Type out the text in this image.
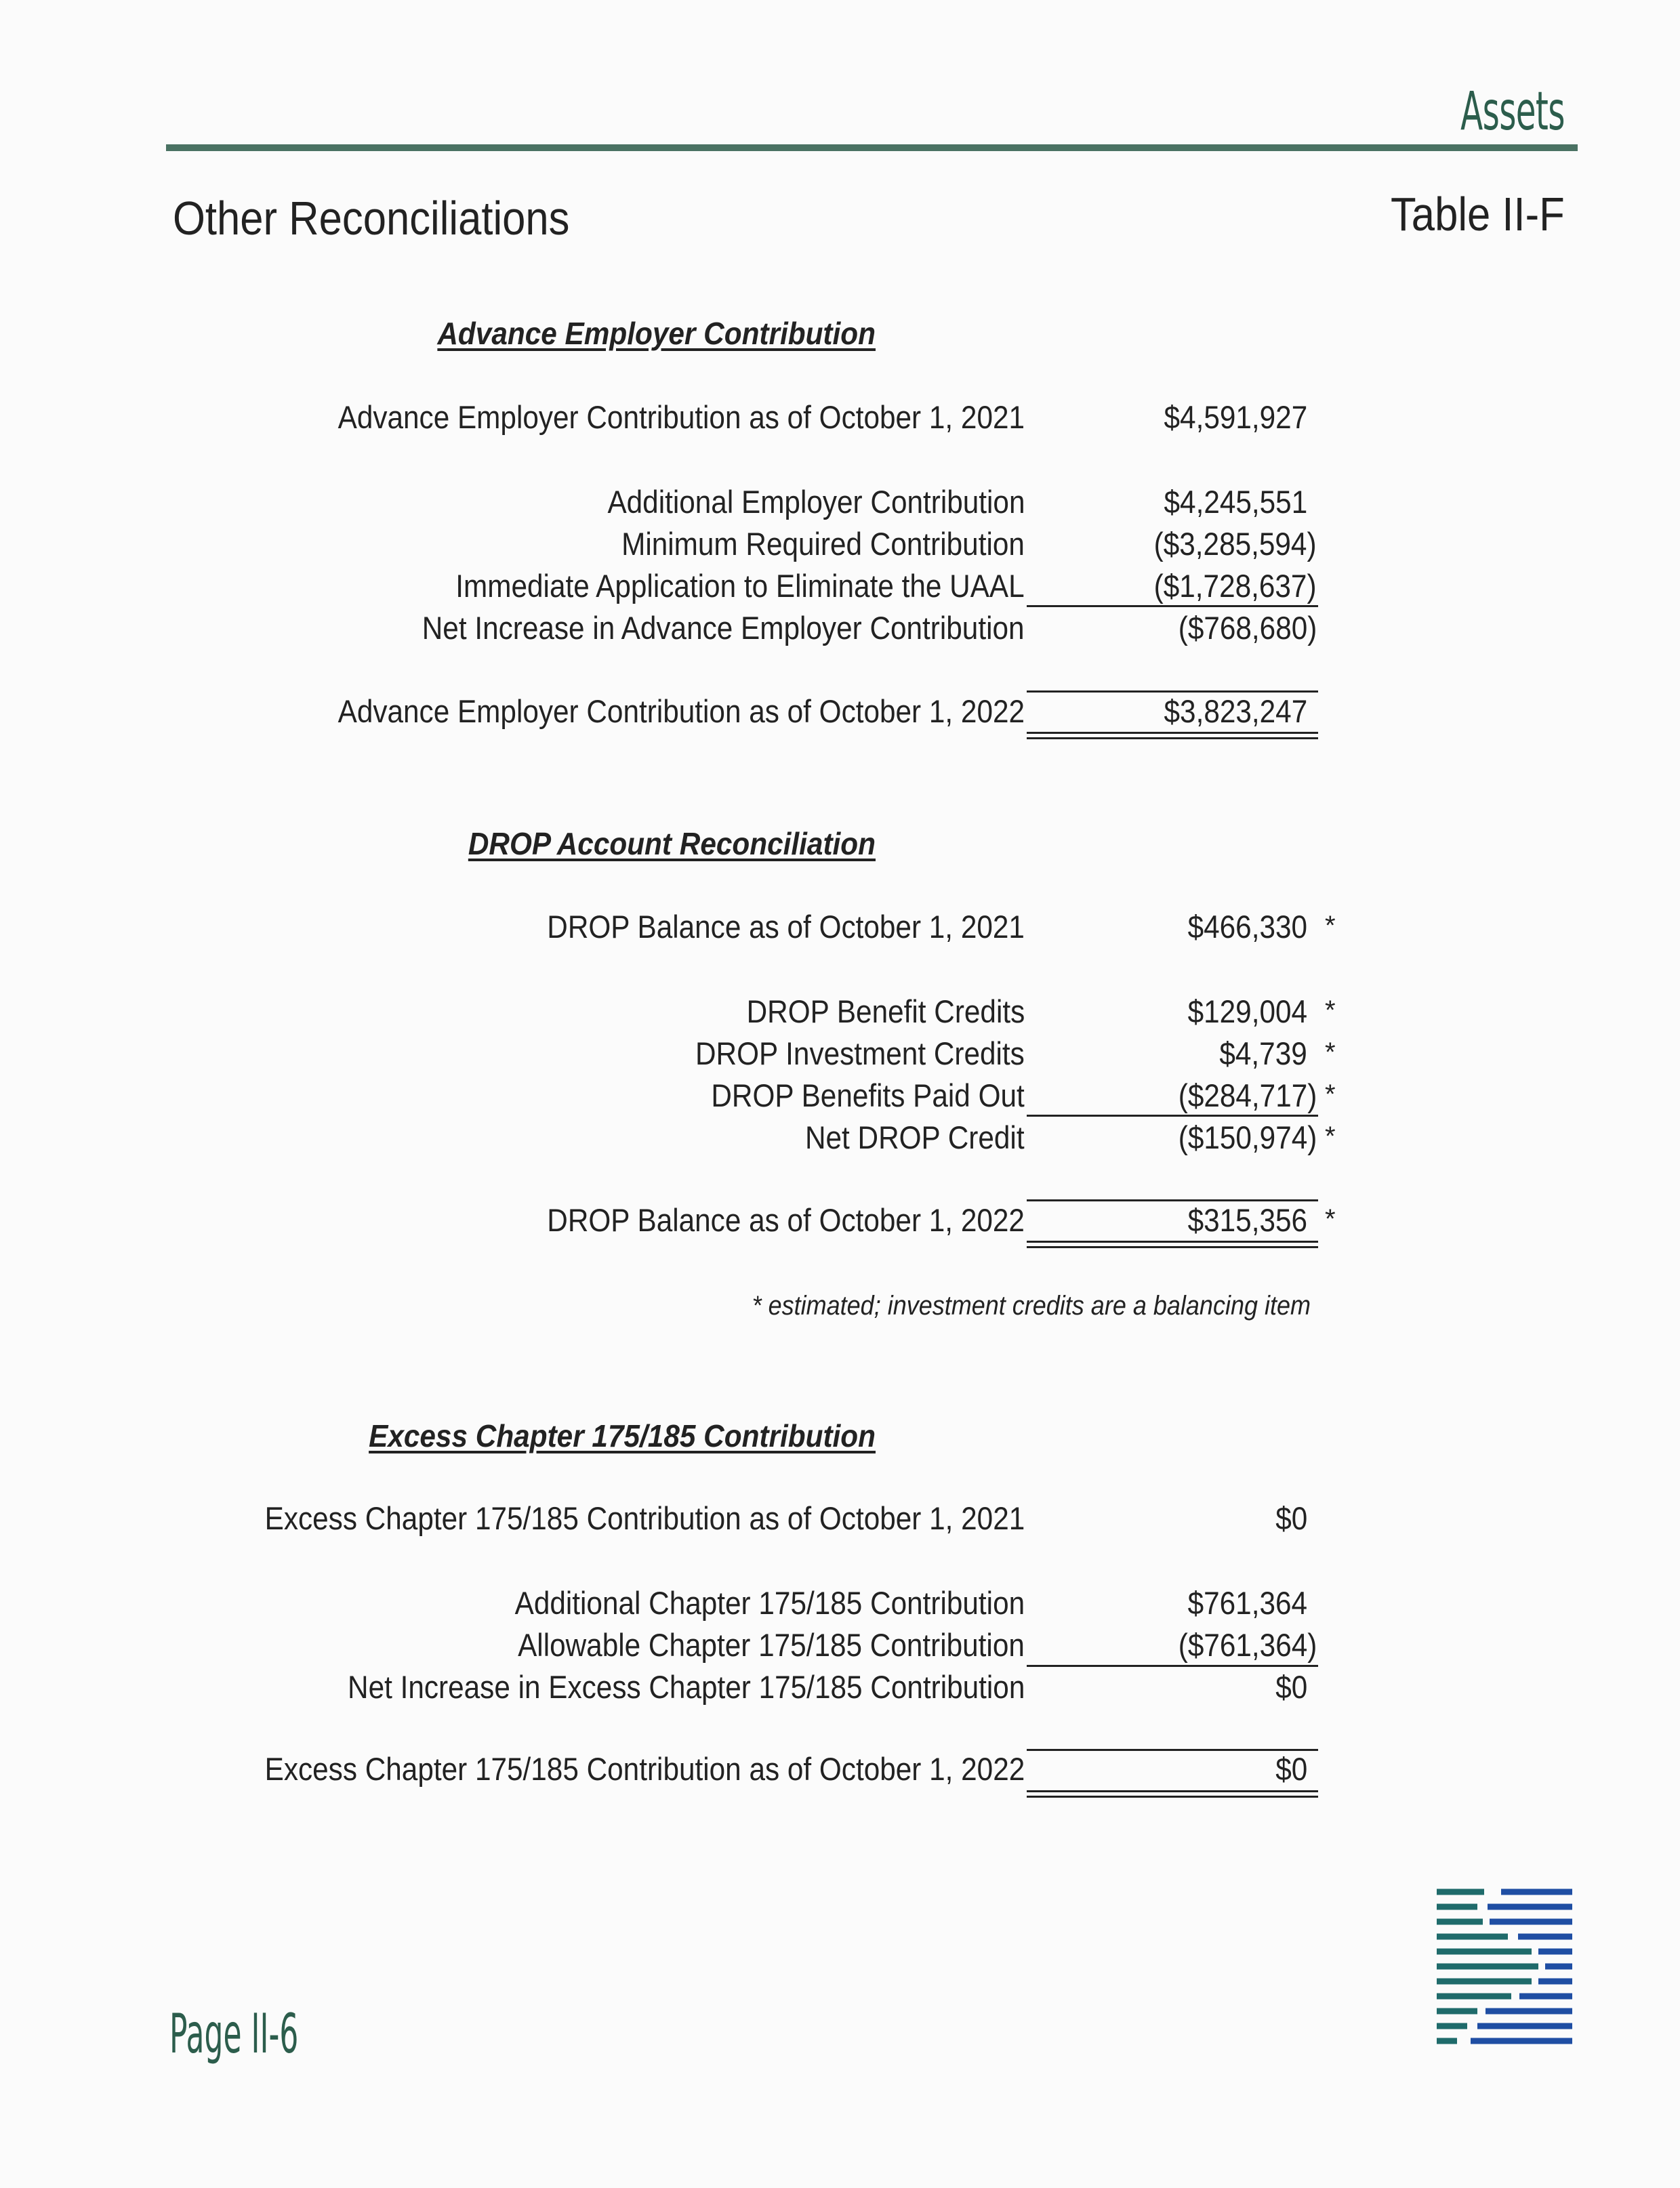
Assets
Other Reconciliations	Table II-F
Advance Employer Contribution
Advance Employer Contribution as of October 1, 2021	$4,591,927
Additional Employer Contribution	$4,245,551
Minimum Required Contribution	($3,285,594)
Immediate Application to Eliminate the UAAL	($1,728,637)
Net Increase in Advance Employer Contribution	($768,680)
Advance Employer Contribution as of October 1, 2022	$3,823,247
DROP Account Reconciliation
DROP Balance as of October 1, 2021	$466,330 *
DROP Benefit Credits	$129,004 *
DROP Investment Credits	$4,739 *
DROP Benefits Paid Out	($284,717) *
Net DROP Credit	($150,974) *
DROP Balance as of October 1, 2022	$315,356 *
* estimated; investment credits are a balancing item
Excess Chapter 175/185 Contribution
Excess Chapter 175/185 Contribution as of October 1, 2021	$0
Additional Chapter 175/185 Contribution	$761,364
Allowable Chapter 175/185 Contribution	($761,364)
Net Increase in Excess Chapter 175/185 Contribution	$0
Excess Chapter 175/185 Contribution as of October 1, 2022	$0
Page II-6
